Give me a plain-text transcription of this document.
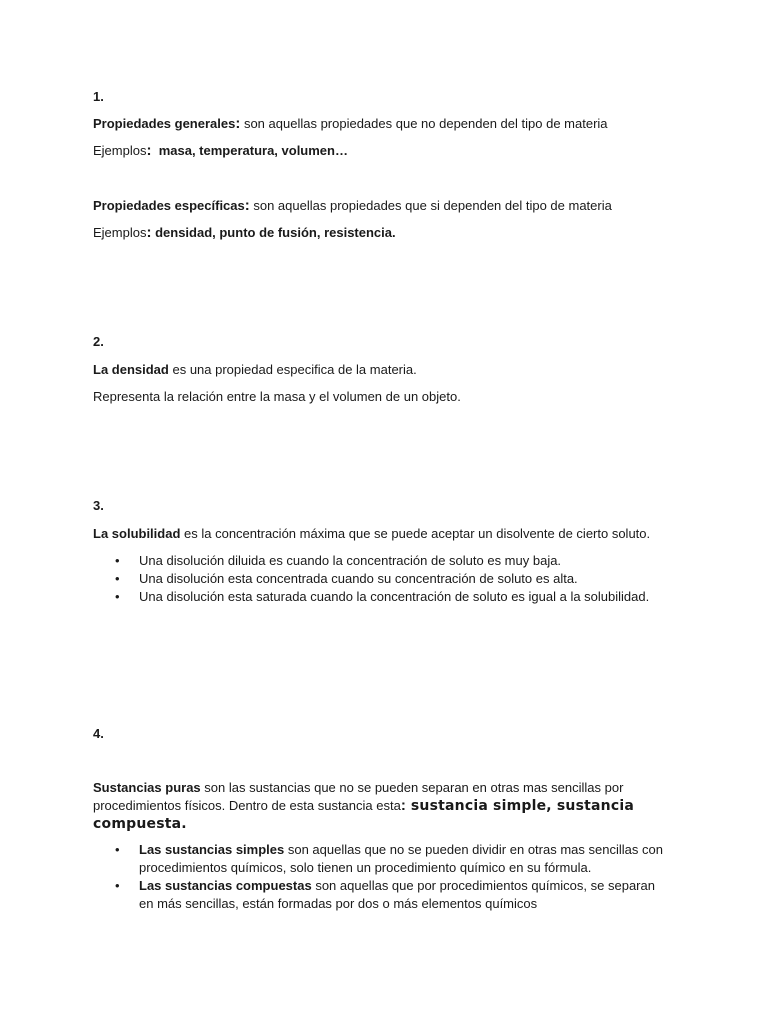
1.
Propiedades generales: son aquellas propiedades que no dependen del tipo de materia
Ejemplos:  masa, temperatura, volumen…
Propiedades específicas: son aquellas propiedades que si dependen del tipo de materia
Ejemplos: densidad, punto de fusión, resistencia.
2.
La densidad es una propiedad especifica de la materia.
Representa la relación entre la masa y el volumen de un objeto.
3.
La solubilidad es la concentración máxima que se puede aceptar un disolvente de cierto soluto.
• Una disolución diluida es cuando la concentración de soluto es muy baja.
• Una disolución esta concentrada cuando su concentración de soluto es alta.
• Una disolución esta saturada cuando la concentración de soluto es igual a la solubilidad.
4.
Sustancias puras son las sustancias que no se pueden separan en otras mas sencillas por
procedimientos físicos. Dentro de esta sustancia esta: sustancia simple, sustancia
compuesta.
• Las sustancias simples son aquellas que no se pueden dividir en otras mas sencillas con procedimientos químicos, solo tienen un procedimiento químico en su fórmula.
• Las sustancias compuestas son aquellas que por procedimientos químicos, se separan en más sencillas, están formadas por dos o más elementos químicos
